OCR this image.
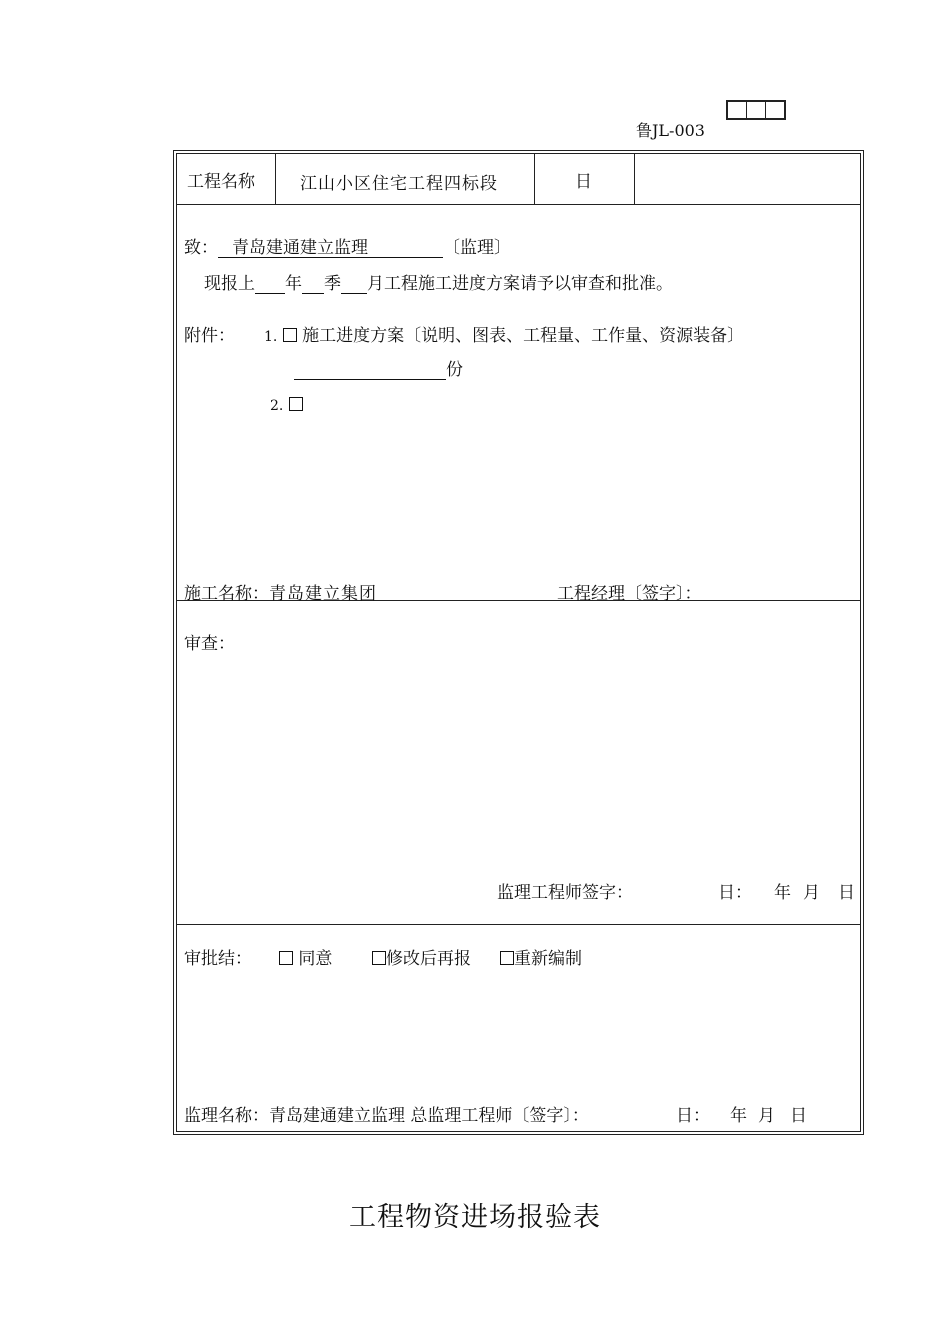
鲁JL-003
工程名称	江山小区住宅工程四标段	日
致： 青岛建通建立监理	〔监理〕
现报上 年 季 月工程施工进度方案请予以审查和批准。
附件： 1. 施工进度方案〔说明、图表、工程量、工作量、资源装备〕
份
2.
施工名称：青岛建立集团	工程经理〔签字〕：
审查：
监理工程师签字：	日： 年 月 日
审批结：	同意	修改后再报	重新编制
监理名称：青岛建通建立监理 总监理工程师〔签字〕：	日： 年 月 日
工程物资进场报验表
